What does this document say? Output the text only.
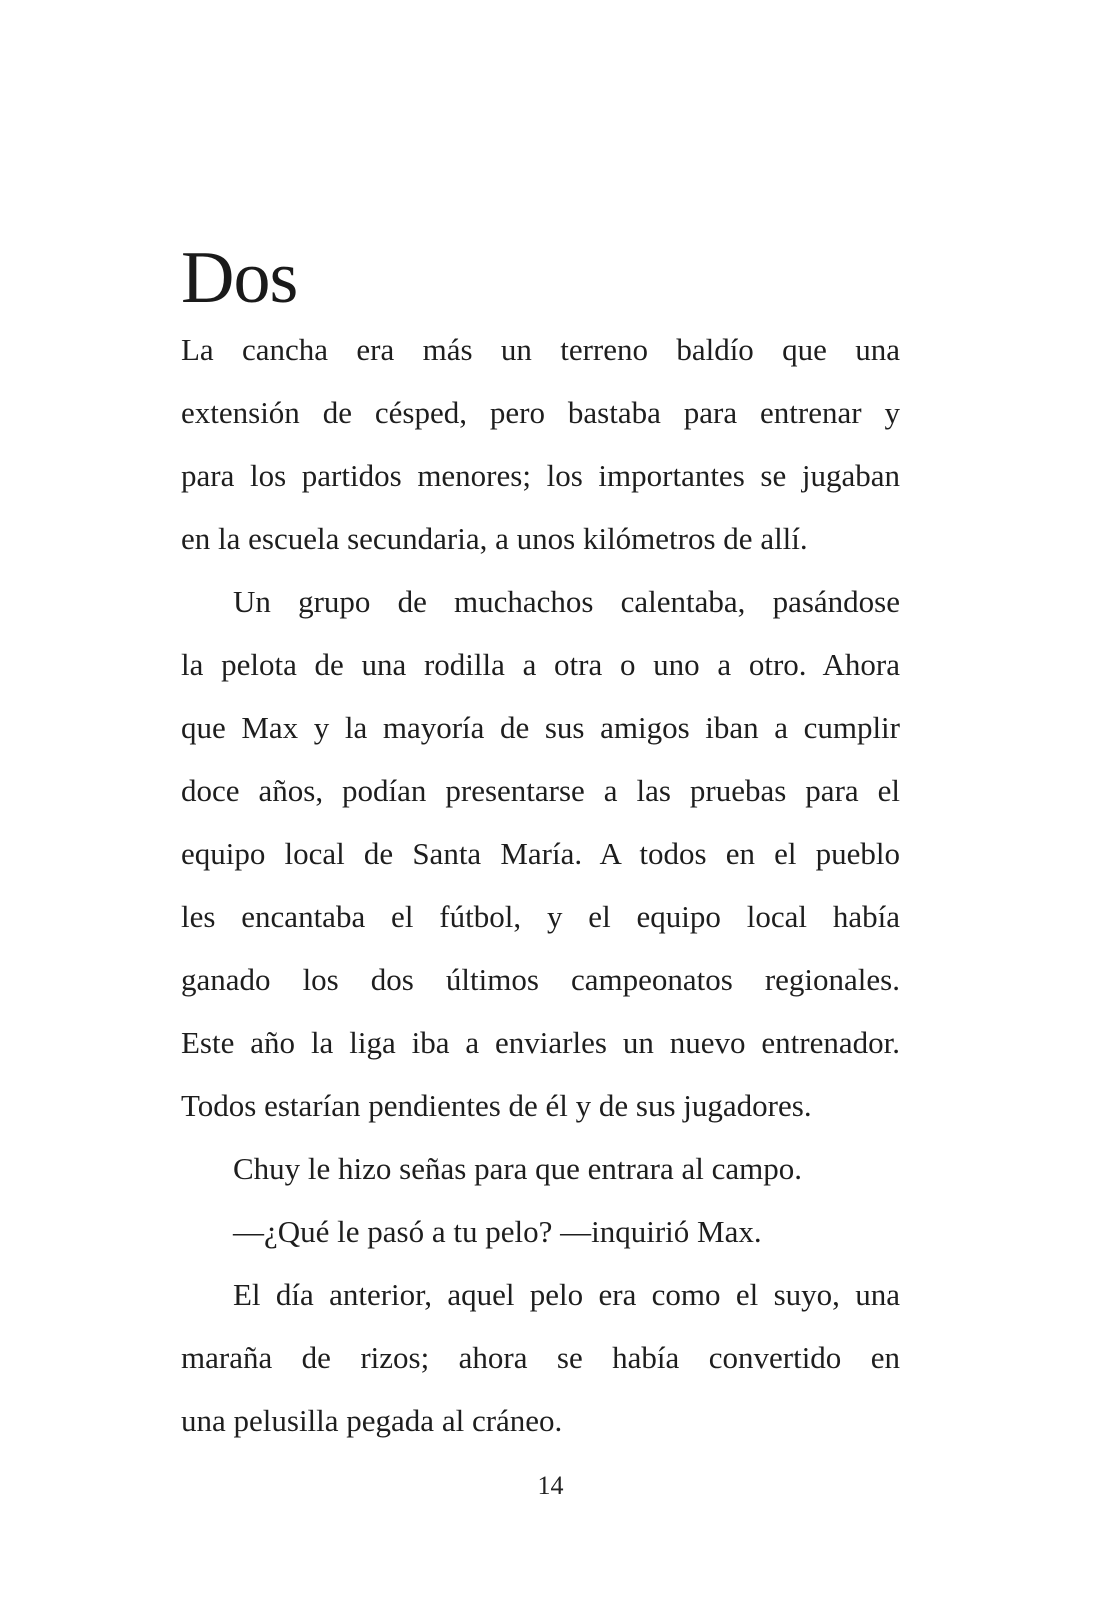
Dos
La cancha era más un terreno baldío que una
extensión de césped, pero bastaba para entrenar y
para los partidos menores; los importantes se jugaban
en la escuela secundaria, a unos kilómetros de allí.
Un grupo de muchachos calentaba, pasándose
la pelota de una rodilla a otra o uno a otro. Ahora
que Max y la mayoría de sus amigos iban a cumplir
doce años, podían presentarse a las pruebas para el
equipo local de Santa María. A todos en el pueblo
les encantaba el fútbol, y el equipo local había
ganado los dos últimos campeonatos regionales.
Este año la liga iba a enviarles un nuevo entrenador.
Todos estarían pendientes de él y de sus jugadores.
Chuy le hizo señas para que entrara al campo.
—¿Qué le pasó a tu pelo? —inquirió Max.
El día anterior, aquel pelo era como el suyo, una
maraña de rizos; ahora se había convertido en
una pelusilla pegada al cráneo.
14
